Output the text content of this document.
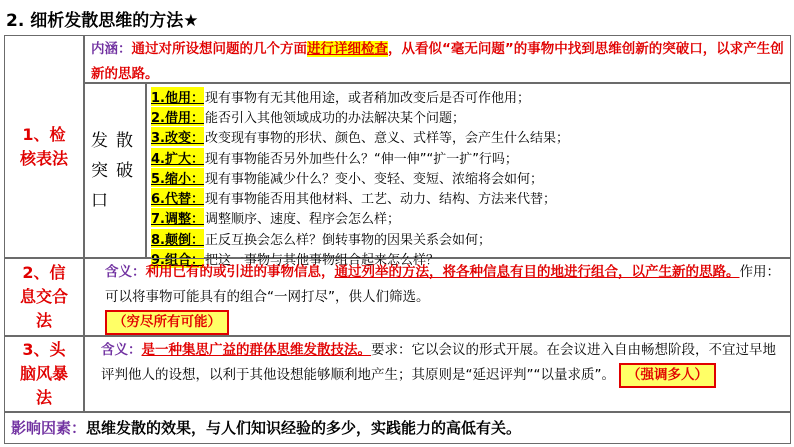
2. 细析发散思维的方法★
1、检核表法
内涵：通过对所设想问题的几个方面进行详细检查，从看似“毫无问题”的事物中找到思维创新的突破口，以求产生创新的思路。
发散突破口
1.他用： 现有事物有无其他用途，或者稍加改变后是否可作他用；
2.借用： 能否引入其他领域成功的办法解决某个问题；
3.改变： 改变现有事物的形状、颜色、意义、式样等，会产生什么结果；
4.扩大： 现有事物能否另外加些什么？“伸一伸”“扩一扩”行吗；
5.缩小： 现有事物能减少什么？变小、变轻、变短、浓缩将会如何；
6.代替： 现有事物能否用其他材料、工艺、动力、结构、方法来代替；
7.调整： 调整顺序、速度、程序会怎么样；
8.颠倒： 正反互换会怎么样？倒转事物的因果关系会如何；
9.组合： 把这一事物与其他事物组合起来怎么样？
2、信息交合法
含义：利用已有的或引进的事物信息，通过列举的方法，将各种信息有目的地进行组合，以产生新的思路。作用：可以将事物可能具有的组合“一网打尽”，供人们筛选。
（穷尽所有可能）
3、头脑风暴法
含义：是一种集思广益的群体思维发散技法。要求：它以会议的形式开展。在会议进入自由畅想阶段，不宜过早地评判他人的设想，以利于其他设想能够顺利地产生；其原则是“延迟评判”“以量求质”。 （强调多人）
影响因素：思维发散的效果，与人们知识经验的多少，实践能力的高低有关。
